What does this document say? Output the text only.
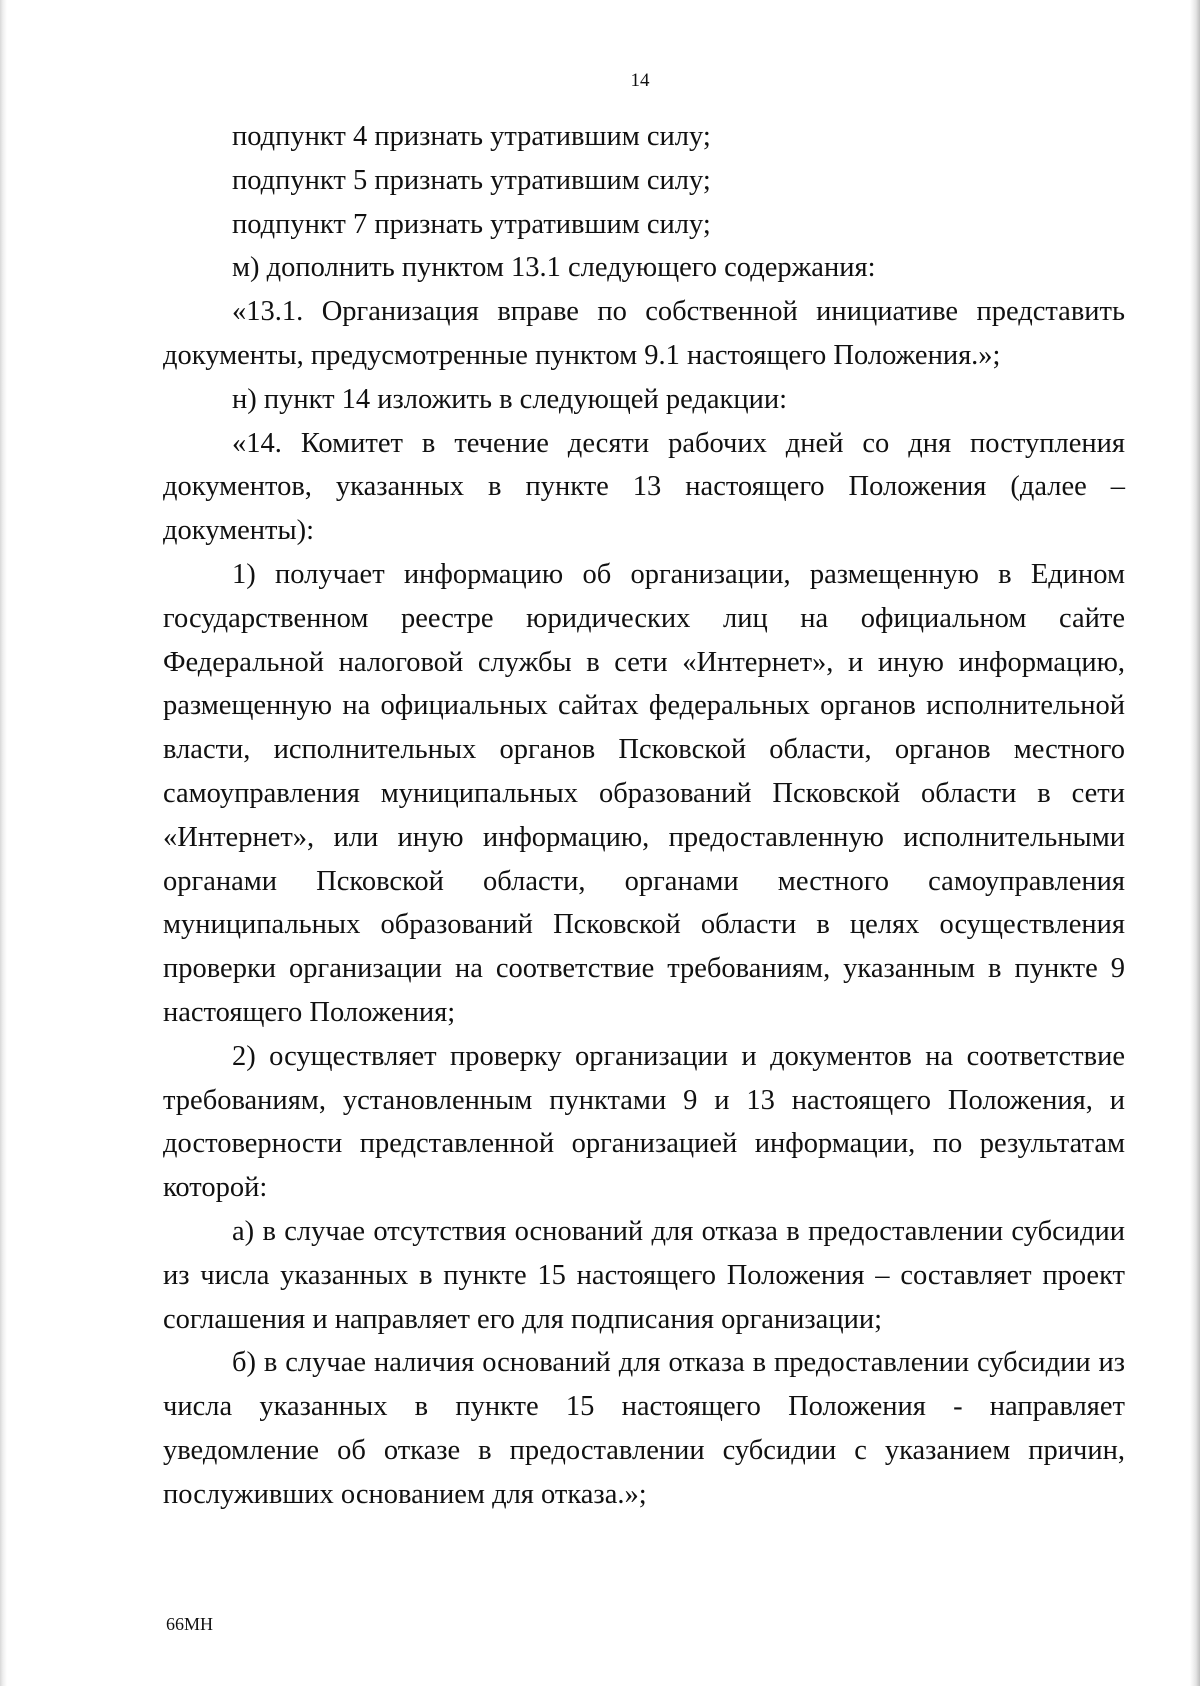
14

подпункт 4 признать утратившим силу;

подпункт 5 признать утратившим силу;

подпункт 7 признать утратившим силу;

м) дополнить пунктом 13.1 следующего содержания:

«13.1. Организация вправе по собственной инициативе представить документы, предусмотренные пунктом 9.1 настоящего Положения.»;

н) пункт 14 изложить в следующей редакции:

«14. Комитет в течение десяти рабочих дней со дня поступления документов, указанных в пункте 13 настоящего Положения (далее – документы):

1) получает информацию об организации, размещенную в Едином государственном реестре юридических лиц на официальном сайте Федеральной налоговой службы в сети «Интернет», и иную информацию, размещенную на официальных сайтах федеральных органов исполнительной власти, исполнительных органов Псковской области, органов местного самоуправления муниципальных образований Псковской области в сети «Интернет», или иную информацию, предоставленную исполнительными органами Псковской области, органами местного самоуправления муниципальных образований Псковской области в целях осуществления проверки организации на соответствие требованиям, указанным в пункте 9 настоящего Положения;

2) осуществляет проверку организации и документов на соответствие требованиям, установленным пунктами 9 и 13 настоящего Положения, и достоверности представленной организацией информации, по результатам которой:

а) в случае отсутствия оснований для отказа в предоставлении субсидии из числа указанных в пункте 15 настоящего Положения – составляет проект соглашения и направляет его для подписания организации;

б) в случае наличия оснований для отказа в предоставлении субсидии из числа указанных в пункте 15 настоящего Положения - направляет уведомление об отказе в предоставлении субсидии с указанием причин, послуживших основанием для отказа.»;

66МН
